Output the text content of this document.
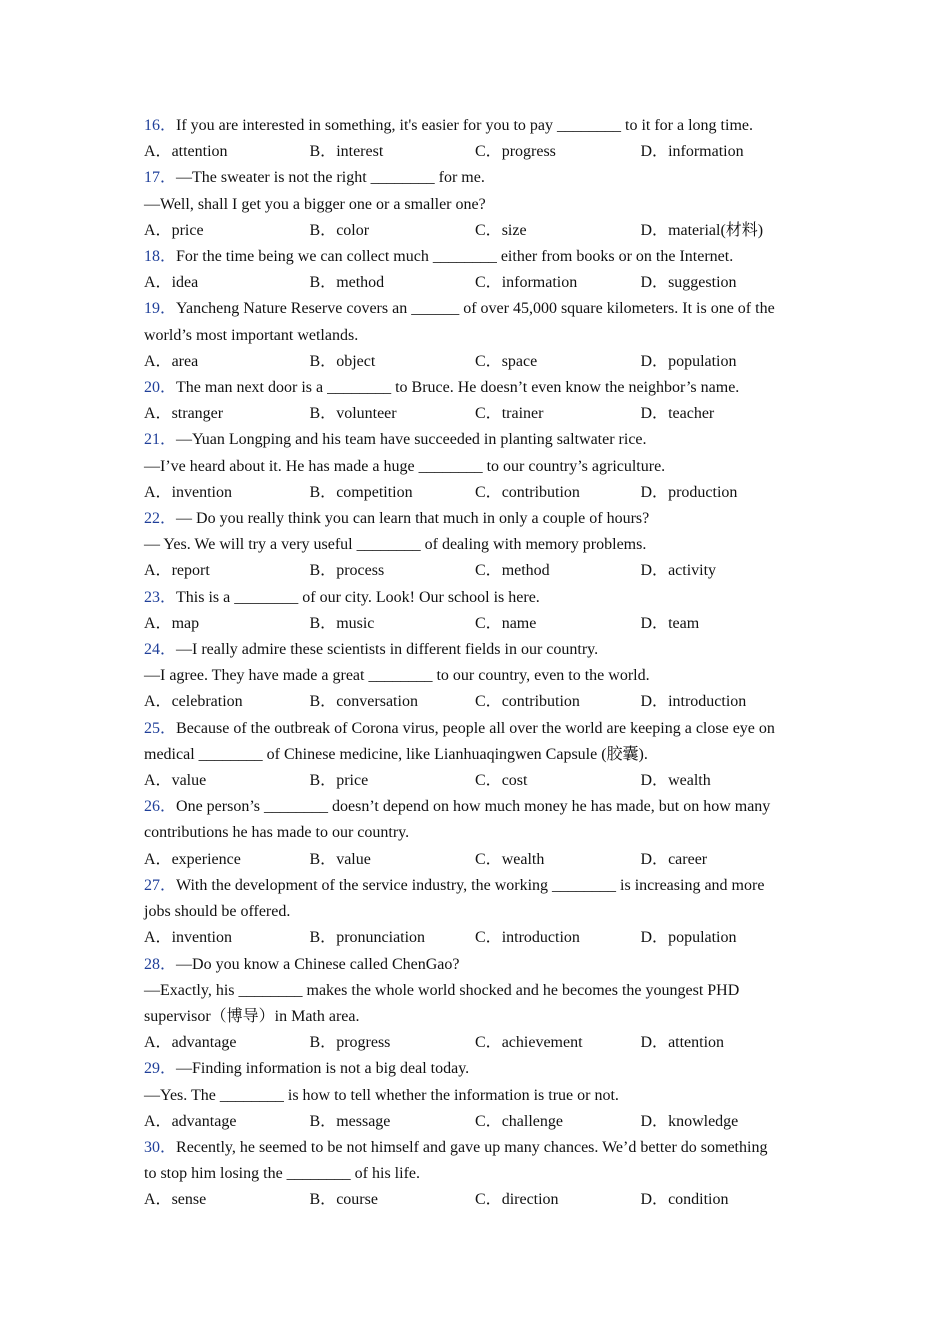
16．If you are interested in something, it's easier for you to pay ________ to it for a long time.
A．attention	B．interest	C．progress	D．information
17．—The sweater is not the right ________ for me.
—Well, shall I get you a bigger one or a smaller one?
A．price	B．color	C．size	D．material(材料)
18．For the time being we can collect much ________ either from books or on the Internet.
A．idea	B．method	C．information	D．suggestion
19．Yancheng Nature Reserve covers an ______ of over 45,000 square kilometers. It is one of the
world’s most important wetlands.
A．area	B．object	C．space	D．population
20．The man next door is a ________ to Bruce. He doesn’t even know the neighbor’s name.
A．stranger	B．volunteer	C．trainer	D．teacher
21．—Yuan Longping and his team have succeeded in planting saltwater rice.
—I’ve heard about it. He has made a huge ________ to our country’s agriculture.
A．invention	B．competition	C．contribution	D．production
22．— Do you really think you can learn that much in only a couple of hours?
— Yes. We will try a very useful ________ of dealing with memory problems.
A．report	B．process	C．method	D．activity
23．This is a ________ of our city. Look! Our school is here.
A．map	B．music	C．name	D．team
24．—I really admire these scientists in different fields in our country.
—I agree. They have made a great ________ to our country, even to the world.
A．celebration	B．conversation	C．contribution	D．introduction
25．Because of the outbreak of Corona virus, people all over the world are keeping a close eye on
medical ________ of Chinese medicine, like Lianhuaqingwen Capsule (胶囊).
A．value	B．price	C．cost	D．wealth
26．One person’s ________ doesn’t depend on how much money he has made, but on how many
contributions he has made to our country.
A．experience	B．value	C．wealth	D．career
27．With the development of the service industry, the working ________ is increasing and more
jobs should be offered.
A．invention	B．pronunciation	C．introduction	D．population
28．—Do you know a Chinese called ChenGao?
—Exactly, his ________ makes the whole world shocked and he becomes the youngest PHD
supervisor（博导）in Math area.
A．advantage	B．progress	C．achievement	D．attention
29．—Finding information is not a big deal today.
—Yes. The ________ is how to tell whether the information is true or not.
A．advantage	B．message	C．challenge	D．knowledge
30．Recently, he seemed to be not himself and gave up many chances. We’d better do something
to stop him losing the ________ of his life.
A．sense	B．course	C．direction	D．condition
